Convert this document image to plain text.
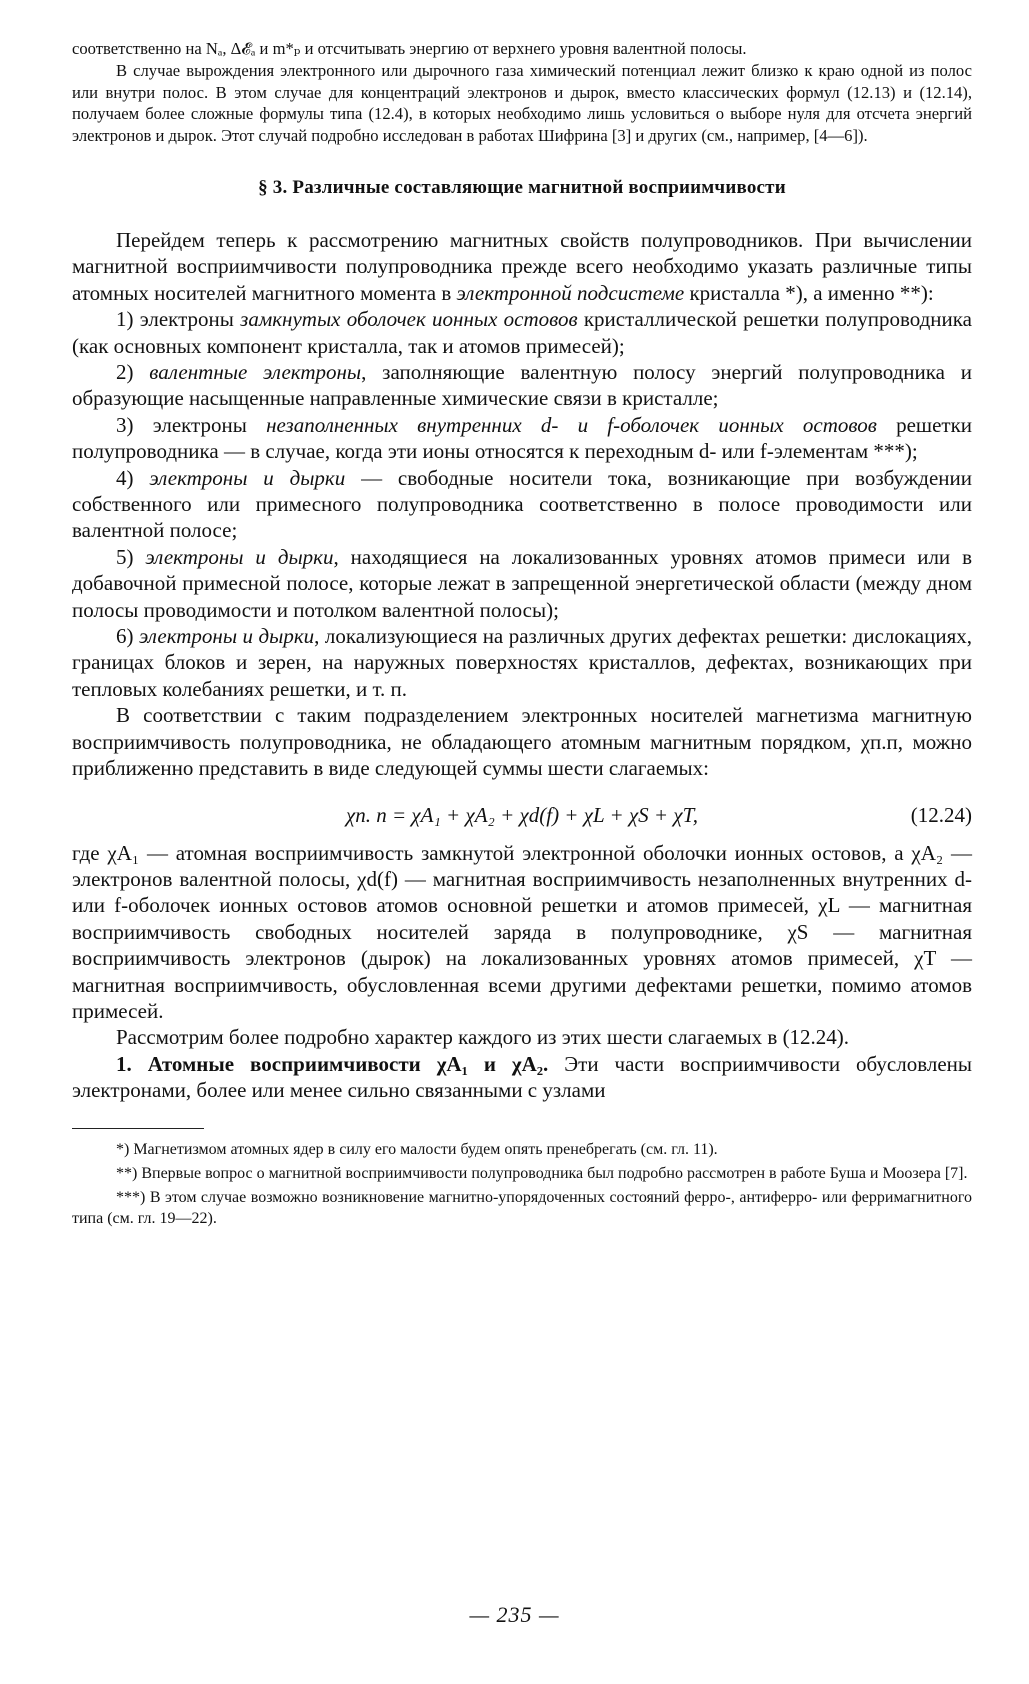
соответственно на Nₐ, Δ𝓔ₐ и m*ₚ и отсчитывать энергию от верхнего уровня валентной полосы.

В случае вырождения электронного или дырочного газа химический потенциал лежит близко к краю одной из полос или внутри полос. В этом случае для концентраций электронов и дырок, вместо классических формул (12.13) и (12.14), получаем более сложные формулы типа (12.4), в которых необходимо лишь условиться о выборе нуля для отсчета энергий электронов и дырок. Этот случай подробно исследован в работах Шифрина [3] и других (см., например, [4—6]).

§ 3. Различные составляющие магнитной восприимчивости

Перейдем теперь к рассмотрению магнитных свойств полупроводников. При вычислении магнитной восприимчивости полупроводника прежде всего необходимо указать различные типы атомных носителей магнитного момента в электронной подсистеме кристалла *), а именно **):

1) электроны замкнутых оболочек ионных остовов кристаллической решетки полупроводника (как основных компонент кристалла, так и атомов примесей);

2) валентные электроны, заполняющие валентную полосу энергий полупроводника и образующие насыщенные направленные химические связи в кристалле;

3) электроны незаполненных внутренних d- и f-оболочек ионных остовов решетки полупроводника — в случае, когда эти ионы относятся к переходным d- или f-элементам ***);

4) электроны и дырки — свободные носители тока, возникающие при возбуждении собственного или примесного полупроводника соответственно в полосе проводимости или валентной полосе;

5) электроны и дырки, находящиеся на локализованных уровнях атомов примеси или в добавочной примесной полосе, которые лежат в запрещенной энергетической области (между дном полосы проводимости и потолком валентной полосы);

6) электроны и дырки, локализующиеся на различных других дефектах решетки: дислокациях, границах блоков и зерен, на наружных поверхностях кристаллов, дефектах, возникающих при тепловых колебаниях решетки, и т. п.

В соответствии с таким подразделением электронных носителей магнетизма магнитную восприимчивость полупроводника, не обладающего атомным магнитным порядком, χп.п, можно приближенно представить в виде следующей суммы шести слагаемых:

χп. п = χA₁ + χA₂ + χd(f) + χL + χS + χT,	(12.24)

где χA₁ — атомная восприимчивость замкнутой электронной оболочки ионных остовов, а χA₂ — электронов валентной полосы, χd(f) — магнитная восприимчивость незаполненных внутренних d- или f-оболочек ионных остовов атомов основной решетки и атомов примесей, χL — магнитная восприимчивость свободных носителей заряда в полупроводнике, χS — магнитная восприимчивость электронов (дырок) на локализованных уровнях атомов примесей, χT — магнитная восприимчивость, обусловленная всеми другими дефектами решетки, помимо атомов примесей.

Рассмотрим более подробно характер каждого из этих шести слагаемых в (12.24).

1. Атомные восприимчивости χA₁ и χA₂. Эти части восприимчивости обусловлены электронами, более или менее сильно связанными с узлами

*) Магнетизмом атомных ядер в силу его малости будем опять пренебрегать (см. гл. 11).

**) Впервые вопрос о магнитной восприимчивости полупроводника был подробно рассмотрен в работе Буша и Моозера [7].

***) В этом случае возможно возникновение магнитно-упорядоченных состояний ферро-, антиферро- или ферримагнитного типа (см. гл. 19—22).

— 235 —
